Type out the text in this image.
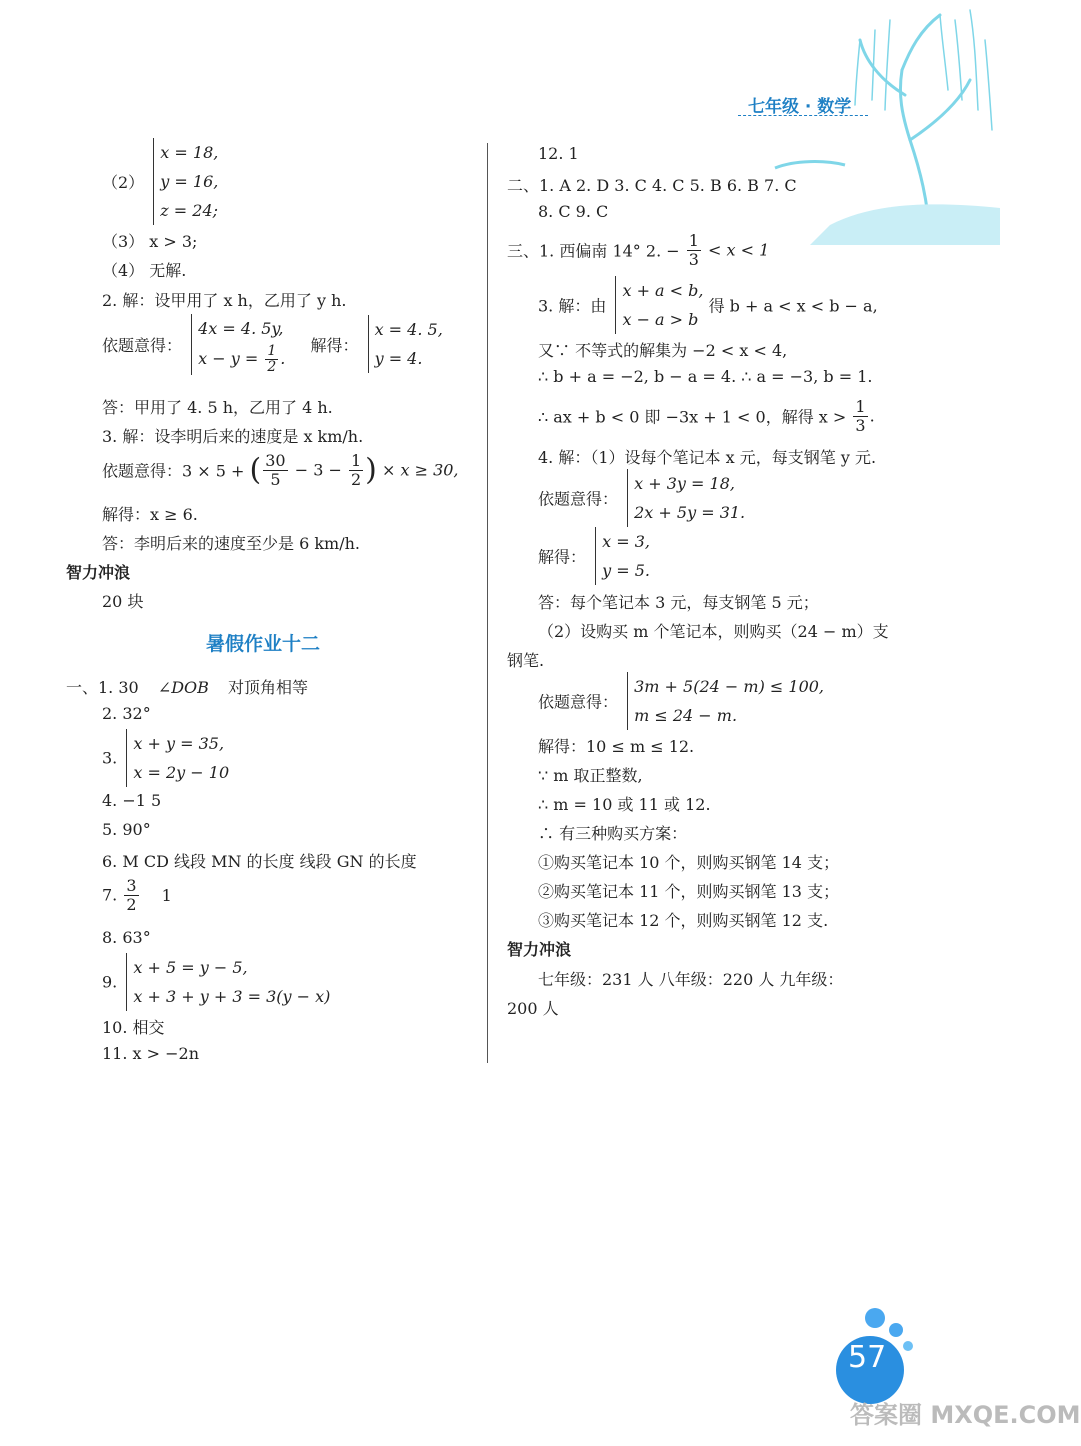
七年级 · 数学
（2） x = 18,
y = 16,
z = 24;
（3） x > 3;
（4） 无解.
2. 解：设甲用了 x h，乙用了 y h.
依题意得： 4x = 4. 5y,
$x - y = \frac{1}{2}$ . 解得： x = 4. 5,
y = 4.
答：甲用了 4. 5 h，乙用了 4 h.
3. 解：设李明后来的速度是 x km/h.
依题意得：3 × 5 + ( $\frac{30}{5} - 3 - \frac{1}{2}$ ) × x ≥ 30,
解得：x ≥ 6.
答：李明后来的速度至少是 6 km/h.
智力冲浪
20 块
暑假作业十二
一、1. 30 ∠DOB 对顶角相等
2. 32°
3. x + y = 35,
x = 2y − 10
4. −1 5
5. 90°
6. M CD 线段 MN 的长度 线段 GN 的长度
7. $\frac{3}{2} 1$
8. 63°
9. x + 5 = y − 5,
x + 3 + y + 3 = 3(y − x)
10. 相交
11. x > −2n
12. 1
二、1. A 2. D 3. C 4. C 5. B 6. B 7. C
8. C 9. C
三、1. 西偏南 14° 2. − $\frac{1}{3} < x < 1$
3. 解：由 x + a < b,
x − a > b 得 b + a < x < b − a,
又∵ 不等式的解集为 −2 < x < 4,
∴ b + a = −2, b − a = 4. ∴ a = −3, b = 1.
∴ ax + b < 0 即 −3x + 1 < 0，解得 $x > \frac{1}{3}$ .
4. 解：（1）设每个笔记本 x 元，每支钢笔 y 元.
依题意得： x + 3y = 18,
2x + 5y = 31.
解得： x = 3,
y = 5.
答：每个笔记本 3 元，每支钢笔 5 元；
（2）设购买 m 个笔记本，则购买（24 − m）支
钢笔.
依题意得： 3m + 5(24 − m) ≤ 100,
m ≤ 24 − m.
解得：10 ≤ m ≤ 12.
∵ m 取正整数,
∴ m = 10 或 11 或 12.
∴ 有三种购买方案：
①购买笔记本 10 个，则购买钢笔 14 支；
②购买笔记本 11 个，则购买钢笔 13 支；
③购买笔记本 12 个，则购买钢笔 12 支.
智力冲浪
七年级：231 人 八年级：220 人 九年级：
200 人
57
答案圈 MXQE.COM
